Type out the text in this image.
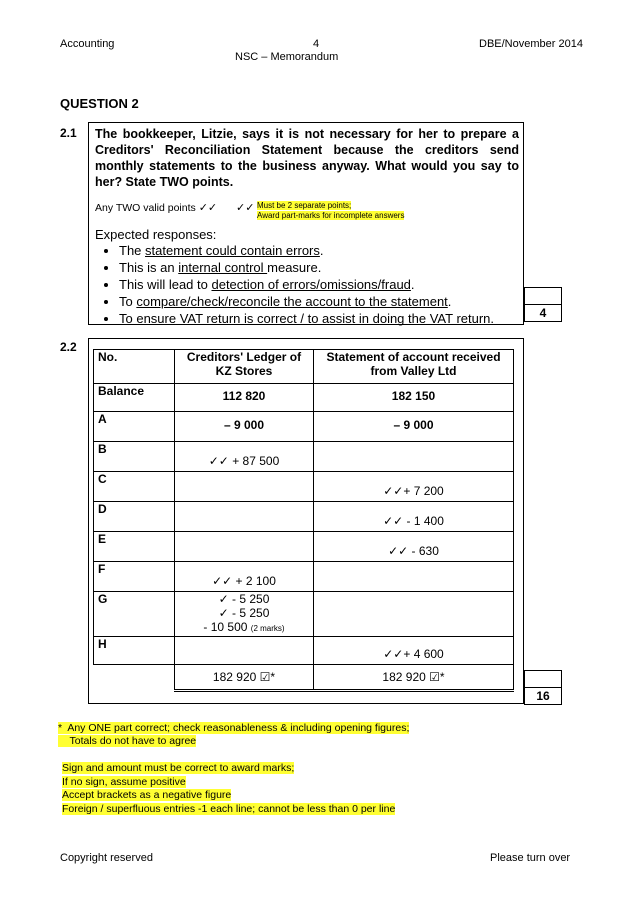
Accounting	4	DBE/November 2014
NSC – Memorandum
QUESTION 2
2.1 The bookkeeper, Litzie, says it is not necessary for her to prepare a Creditors' Reconciliation Statement because the creditors send monthly statements to the business anyway. What would you say to her? State TWO points.
Any TWO valid points ✓✓ ✓✓ Must be 2 separate points;
Award part-marks for incomplete answers
Expected responses:
• The statement could contain errors.
• This is an internal control measure.
• This will lead to detection of errors/omissions/fraud.
• To compare/check/reconcile the account to the statement.
• To ensure VAT return is correct / to assist in doing the VAT return.	4
2.2
No.	Creditors' Ledger of KZ Stores	Statement of account received from Valley Ltd
Balance	112 820	182 150
A	– 9 000	– 9 000
B	✓✓ + 87 500	
C		✓✓+ 7 200
D		✓✓ - 1 400
E		✓✓ - 630
F	✓✓ + 2 100	
G	✓ - 5 250
✓ - 5 250
- 10 500 (2 marks)	

H		✓✓+ 4 600
	182 920 ☑*	182 920 ☑*
16
*  Any ONE part correct; check reasonableness & including opening figures;
Totals do not have to agree
Sign and amount must be correct to award marks;
If no sign, assume positive
Accept brackets as a negative figure
Foreign / superfluous entries -1 each line; cannot be less than 0 per line
Copyright reserved	Please turn over
